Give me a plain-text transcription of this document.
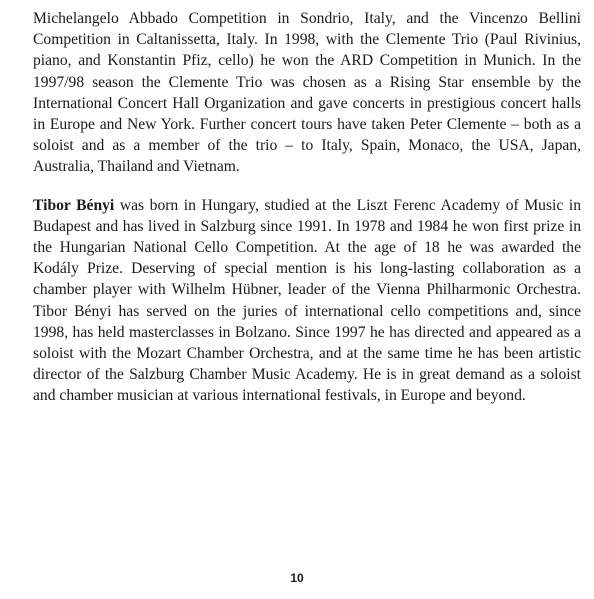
Michelangelo Abbado Competition in Sondrio, Italy, and the Vincenzo Bellini Competition in Caltanissetta, Italy. In 1998, with the Clemente Trio (Paul Rivinius, piano, and Konstantin Pfiz, cello) he won the ARD Competition in Munich. In the 1997/98 season the Clemente Trio was chosen as a Rising Star ensemble by the International Concert Hall Organization and gave concerts in prestigious concert halls in Europe and New York. Further concert tours have taken Peter Clemente – both as a soloist and as a member of the trio – to Italy, Spain, Monaco, the USA, Japan, Australia, Thailand and Vietnam.

Tibor Bényi was born in Hungary, studied at the Liszt Ferenc Academy of Music in Budapest and has lived in Salzburg since 1991. In 1978 and 1984 he won first prize in the Hungarian National Cello Competition. At the age of 18 he was awarded the Kodály Prize. Deserving of special mention is his long-lasting collaboration as a chamber player with Wilhelm Hübner, leader of the Vienna Philharmonic Orchestra. Tibor Bényi has served on the juries of international cello competitions and, since 1998, has held masterclasses in Bolzano. Since 1997 he has directed and appeared as a soloist with the Mozart Chamber Orchestra, and at the same time he has been artistic director of the Salzburg Chamber Music Academy. He is in great demand as a soloist and chamber musician at various international festivals, in Europe and beyond.

10
